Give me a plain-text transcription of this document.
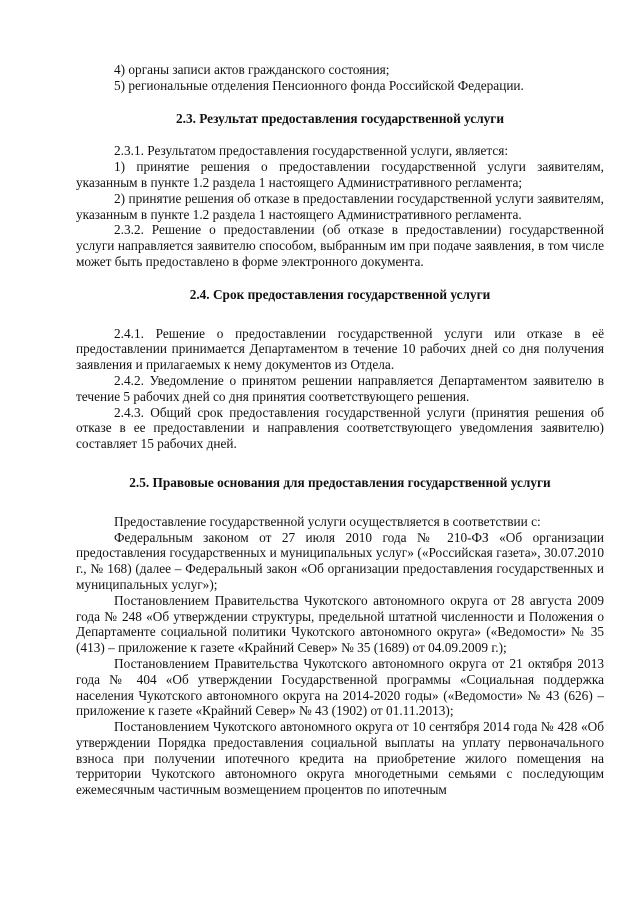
4) органы записи актов гражданского состояния;

5) региональные отделения Пенсионного фонда Российской Федерации.

2.3. Результат предоставления государственной услуги

2.3.1. Результатом предоставления государственной услуги, является:

1) принятие решения о предоставлении государственной услуги заявителям, указанным в пункте 1.2 раздела 1 настоящего Административного регламента;

2) принятие решения об отказе в предоставлении государственной услуги заявителям, указанным в пункте 1.2 раздела 1 настоящего Административного регламента.

2.3.2. Решение о предоставлении (об отказе в предоставлении) государственной услуги направляется заявителю способом, выбранным им при подаче заявления, в том числе может быть предоставлено в форме электронного документа.

2.4. Срок предоставления государственной услуги

2.4.1. Решение о предоставлении государственной услуги или отказе в её предоставлении принимается Департаментом в течение 10 рабочих дней со дня получения заявления и прилагаемых к нему документов из Отдела.

2.4.2. Уведомление о принятом решении направляется Департаментом заявителю в течение 5 рабочих дней со дня принятия соответствующего решения.

2.4.3. Общий срок предоставления государственной услуги (принятия решения об отказе в ее предоставлении и направления соответствующего уведомления заявителю) составляет 15 рабочих дней.

2.5. Правовые основания для предоставления государственной услуги

Предоставление государственной услуги осуществляется в соответствии с:

Федеральным законом от 27 июля 2010 года № 210-ФЗ «Об организации предоставления государственных и муниципальных услуг» («Российская газета», 30.07.2010 г., № 168) (далее – Федеральный закон «Об организации предоставления государственных и муниципальных услуг»);

Постановлением Правительства Чукотского автономного округа от 28 августа 2009 года № 248 «Об утверждении структуры, предельной штатной численности и Положения о Департаменте социальной политики Чукотского автономного округа» («Ведомости» № 35 (413) – приложение к газете «Крайний Север» № 35 (1689) от 04.09.2009 г.);

Постановлением Правительства Чукотского автономного округа от 21 октября 2013 года № 404 «Об утверждении Государственной программы «Социальная поддержка населения Чукотского автономного округа на 2014-2020 годы» («Ведомости» № 43 (626) – приложение к газете «Крайний Север» № 43 (1902) от 01.11.2013);

Постановлением Чукотского автономного округа от 10 сентября 2014 года № 428 «Об утверждении Порядка предоставления социальной выплаты на уплату первоначального взноса при получении ипотечного кредита на приобретение жилого помещения на территории Чукотского автономного округа многодетными семьями с последующим ежемесячным частичным возмещением процентов по ипотечным
